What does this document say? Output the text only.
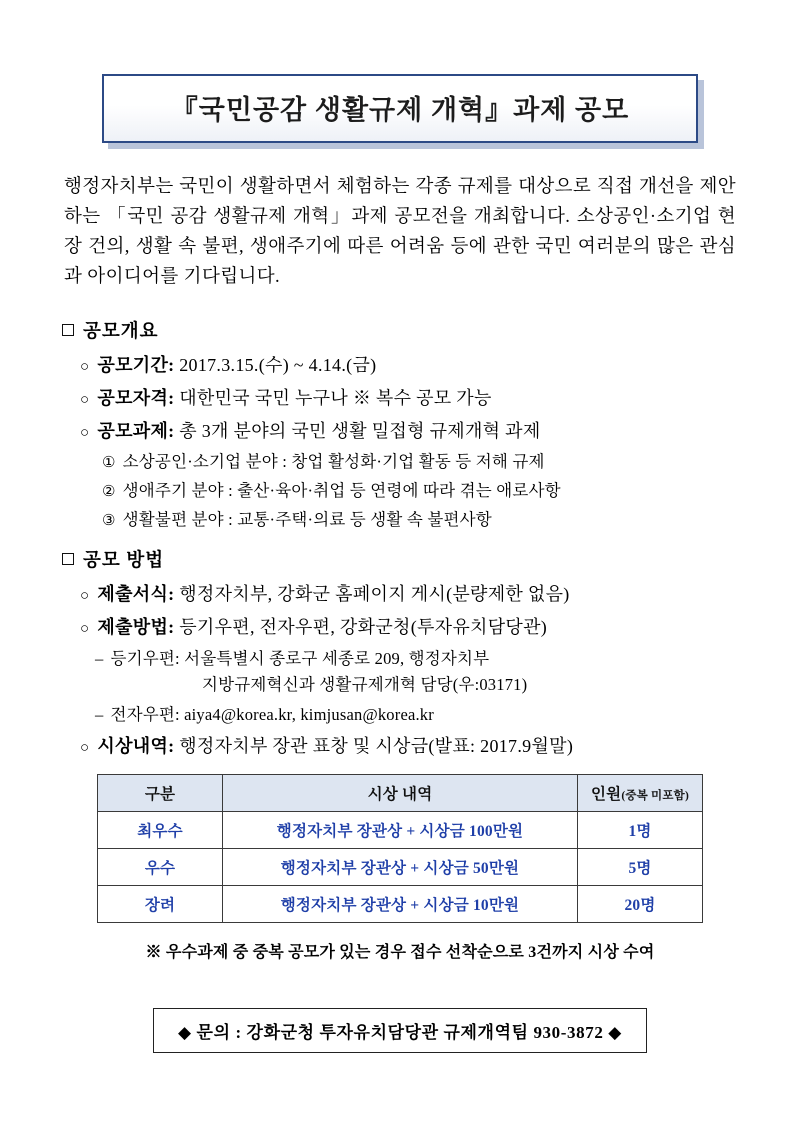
『국민공감 생활규제 개혁』과제 공모

행정자치부는 국민이 생활하면서 체험하는 각종 규제를 대상으로 직접 개선을 제안하는 「국민 공감 생활규제 개혁」과제 공모전을 개최합니다. 소상공인·소기업 현장 건의, 생활 속 불편, 생애주기에 따른 어려움 등에 관한 국민 여러분의 많은 관심과 아이디어를 기다립니다.

공모개요
○ 공모기간: 2017.3.15.(수) ~ 4.14.(금)
○ 공모자격: 대한민국 국민 누구나 ※ 복수 공모 가능
○ 공모과제: 총 3개 분야의 국민 생활 밀접형 규제개혁 과제
① 소상공인·소기업 분야 : 창업 활성화·기업 활동 등 저해 규제
② 생애주기 분야 : 출산·육아·취업 등 연령에 따라 겪는 애로사항
③ 생활불편 분야 : 교통·주택·의료 등 생활 속 불편사항
공모 방법
○ 제출서식: 행정자치부, 강화군 홈페이지 게시(분량제한 없음)
○ 제출방법: 등기우편, 전자우편, 강화군청(투자유치담당관)
– 등기우편: 서울특별시 종로구 세종로 209, 행정자치부
지방규제혁신과 생활규제개혁 담당(우:03171)
– 전자우편: aiya4@korea.kr, kimjusan@korea.kr
○ 시상내역: 행정자치부 장관 표창 및 시상금(발표: 2017.9월말)
구분	시상 내역	인원(중복 미포함)
최우수	행정자치부 장관상 + 시상금 100만원	1명
우수	행정자치부 장관상 + 시상금 50만원	5명
장려	행정자치부 장관상 + 시상금 10만원	20명
※ 우수과제 중 중복 공모가 있는 경우 접수 선착순으로 3건까지 시상 수여
◆ 문의 : 강화군청 투자유치담당관 규제개역팀 930-3872 ◆
